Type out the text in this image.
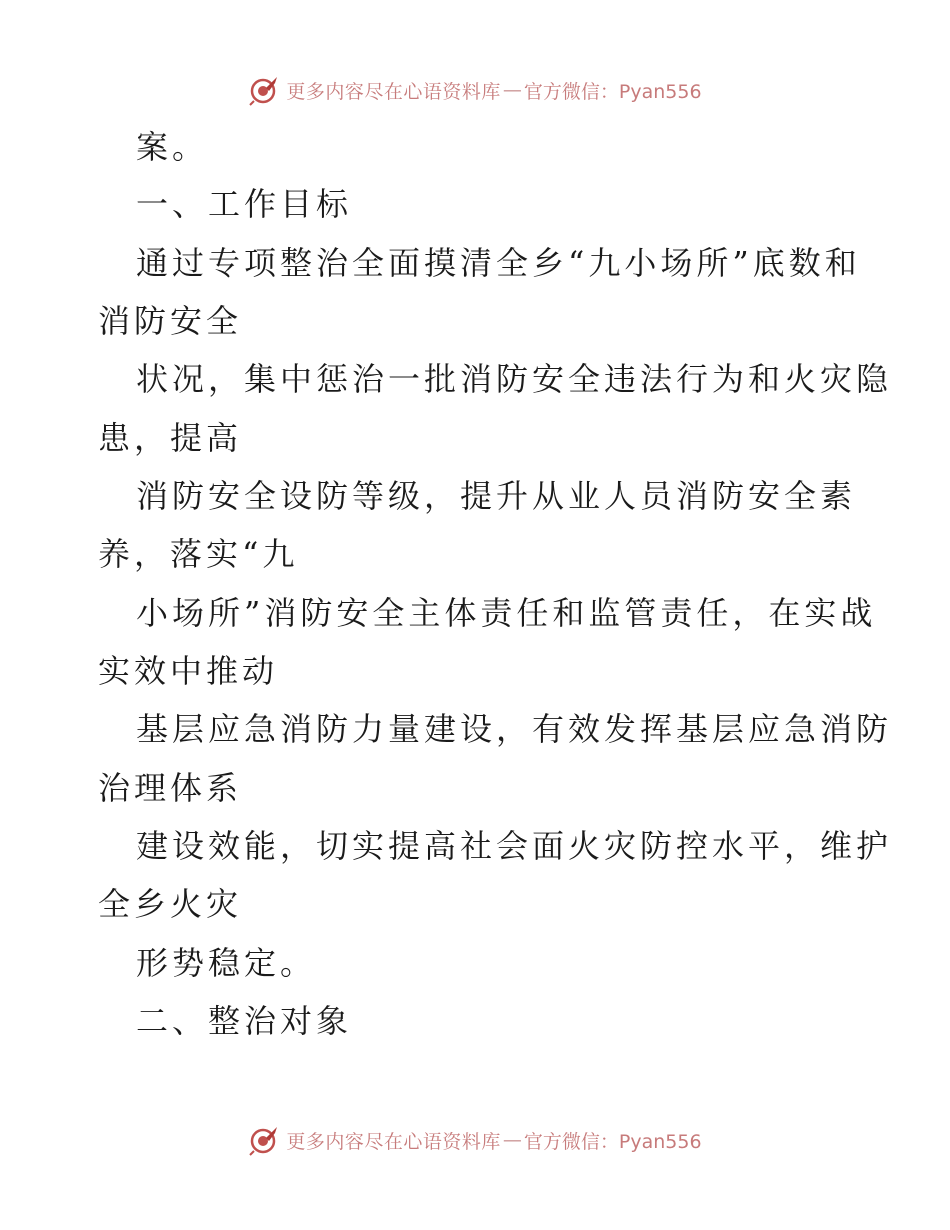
更多内容尽在心语资料库 — 官方微信：Pyan556
案。
一、工作目标
通过专项整治全面摸清全乡“九小场所”底数和
消防安全
状况，集中惩治一批消防安全违法行为和火灾隐
患，提高
消防安全设防等级，提升从业人员消防安全素
养，落实“九
小场所”消防安全主体责任和监管责任，在实战
实效中推动
基层应急消防力量建设，有效发挥基层应急消防
治理体系
建设效能，切实提高社会面火灾防控水平，维护
全乡火灾
形势稳定。
二、整治对象
更多内容尽在心语资料库 — 官方微信：Pyan556
